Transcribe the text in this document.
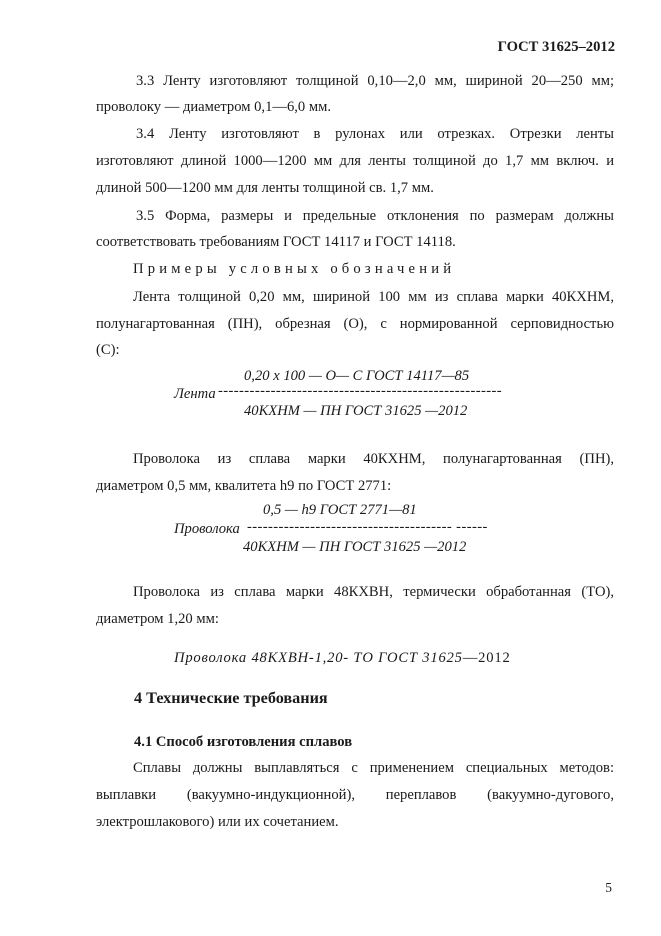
ГОСТ 31625–2012
3.3 Ленту изготовляют толщиной 0,10—2,0 мм, шириной 20—250 мм;
проволоку — диаметром 0,1—6,0 мм.
3.4 Ленту изготовляют в рулонах или отрезках. Отрезки ленты
изготовляют длиной 1000—1200 мм для ленты толщиной до 1,7 мм включ. и
длиной 500—1200 мм для ленты толщиной св. 1,7 мм.
3.5 Форма, размеры и предельные отклонения по размерам должны
соответствовать требованиям ГОСТ 14117 и ГОСТ 14118.
Примеры условных обозначений
Лента толщиной 0,20 мм, шириной 100 мм из сплава марки 40КХНМ,
полунагартованная (ПН), обрезная (О), с нормированной серповидностью
(С):
0,20 х 100 — О— С ГОСТ 14117—85
Лента ------------------------------------------------------
40КХНМ — ПН ГОСТ 31625 —2012
Проволока из сплава марки 40КХНМ, полунагартованная (ПН),
диаметром 0,5 мм, квалитета h9 по ГОСТ 2771:
0,5 — h9 ГОСТ 2771—81
Проволока --------------------------------------- ------
40КХНМ — ПН ГОСТ 31625 —2012
Проволока из сплава марки 48КХВН, термически обработанная (ТО),
диаметром 1,20 мм:
Проволока 48КХВН-1,20- ТО ГОСТ 31625—2012
4 Технические требования
4.1 Способ изготовления сплавов
Сплавы должны выплавляться с применением специальных методов:
выплавки (вакуумно-индукционной), переплавов (вакуумно-дугового,
электрошлакового) или их сочетанием.
5
